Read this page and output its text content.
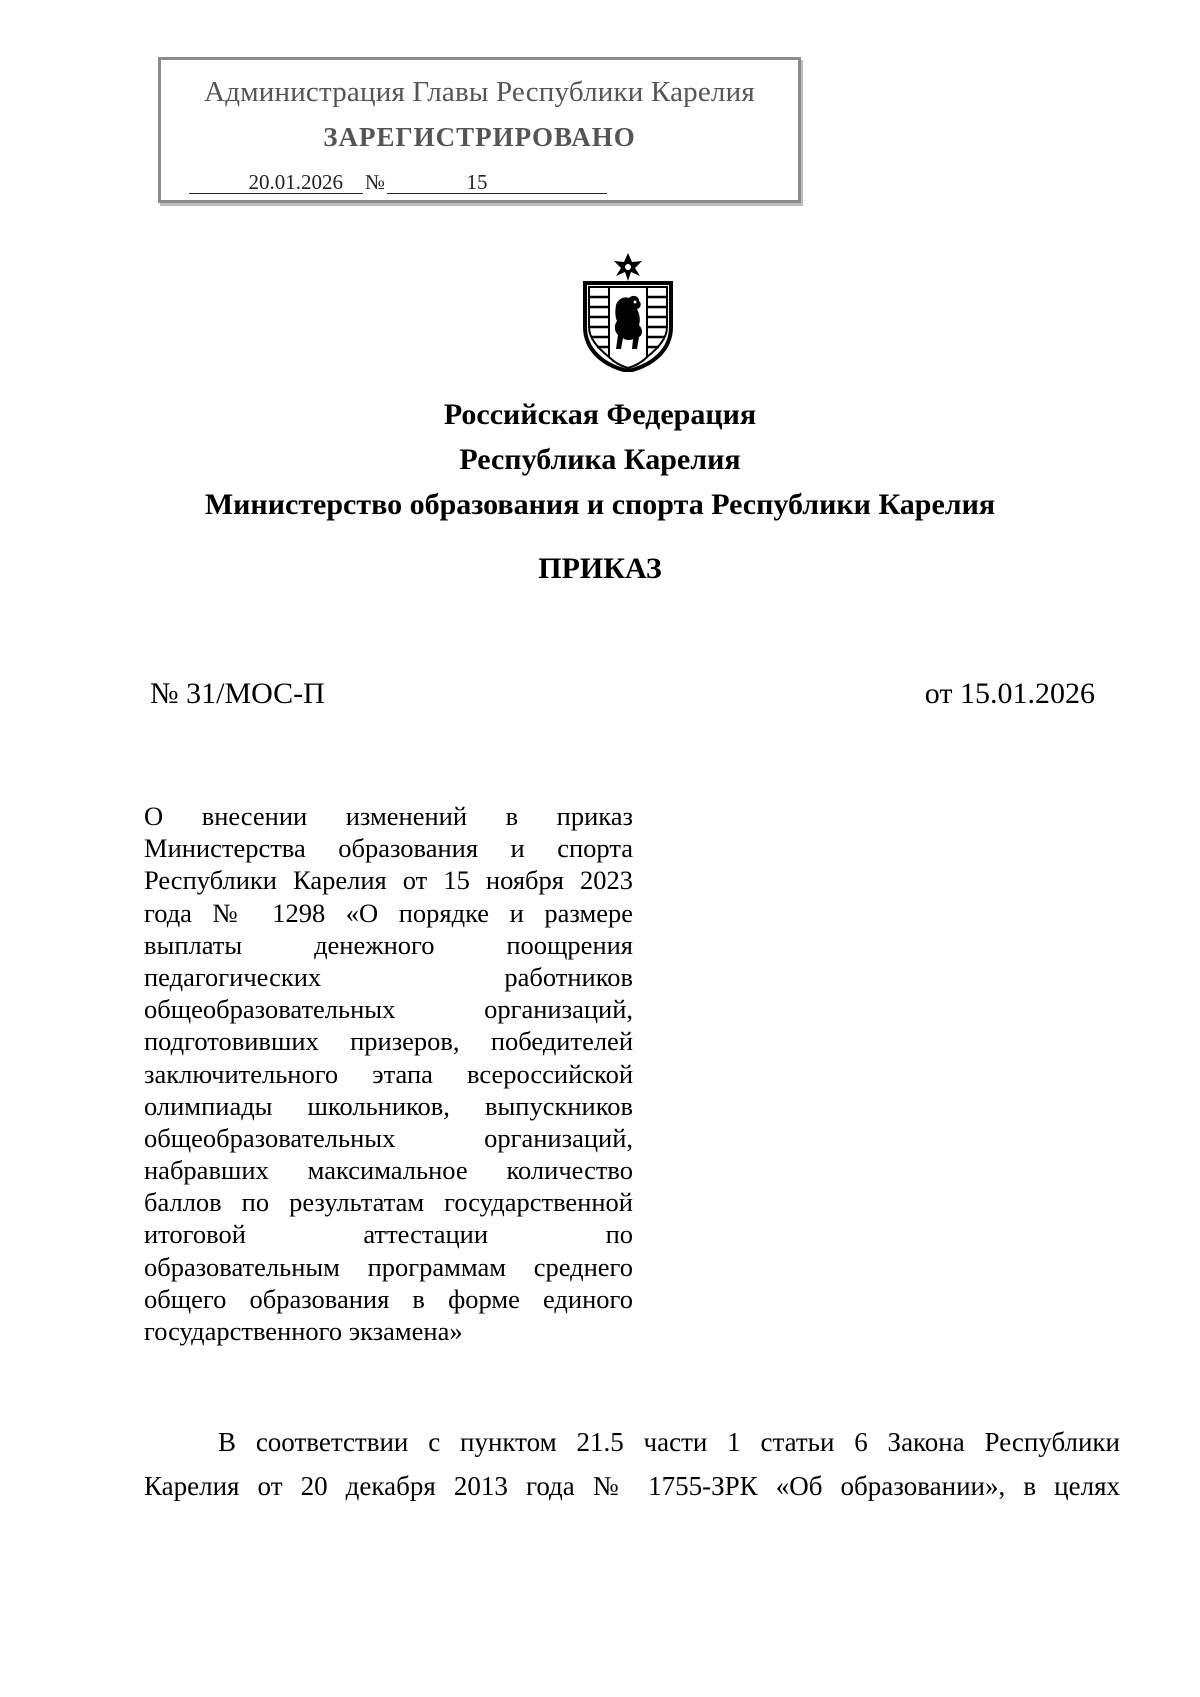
Администрация Главы Республики Карелия
ЗАРЕГИСТРИРОВАНО
20.01.2026 №	15
Российская Федерация
Республика Карелия
Министерство образования и спорта Республики Карелия
ПРИКАЗ
№ 31/МОС-П	от 15.01.2026
О внесении изменений в приказ
Министерства образования и спорта
Республики Карелия от 15 ноября 2023
года № 1298 «О порядке и размере
выплаты денежного поощрения
педагогических работников
общеобразовательных организаций,
подготовивших призеров, победителей
заключительного этапа всероссийской
олимпиады школьников, выпускников
общеобразовательных организаций,
набравших максимальное количество
баллов по результатам государственной
итоговой аттестации по
образовательным программам среднего
общего образования в форме единого
государственного экзамена»
В соответствии с пунктом 21.5 части 1 статьи 6 Закона Республики
Карелия от 20 декабря 2013 года № 1755-ЗРК «Об образовании», в целях
